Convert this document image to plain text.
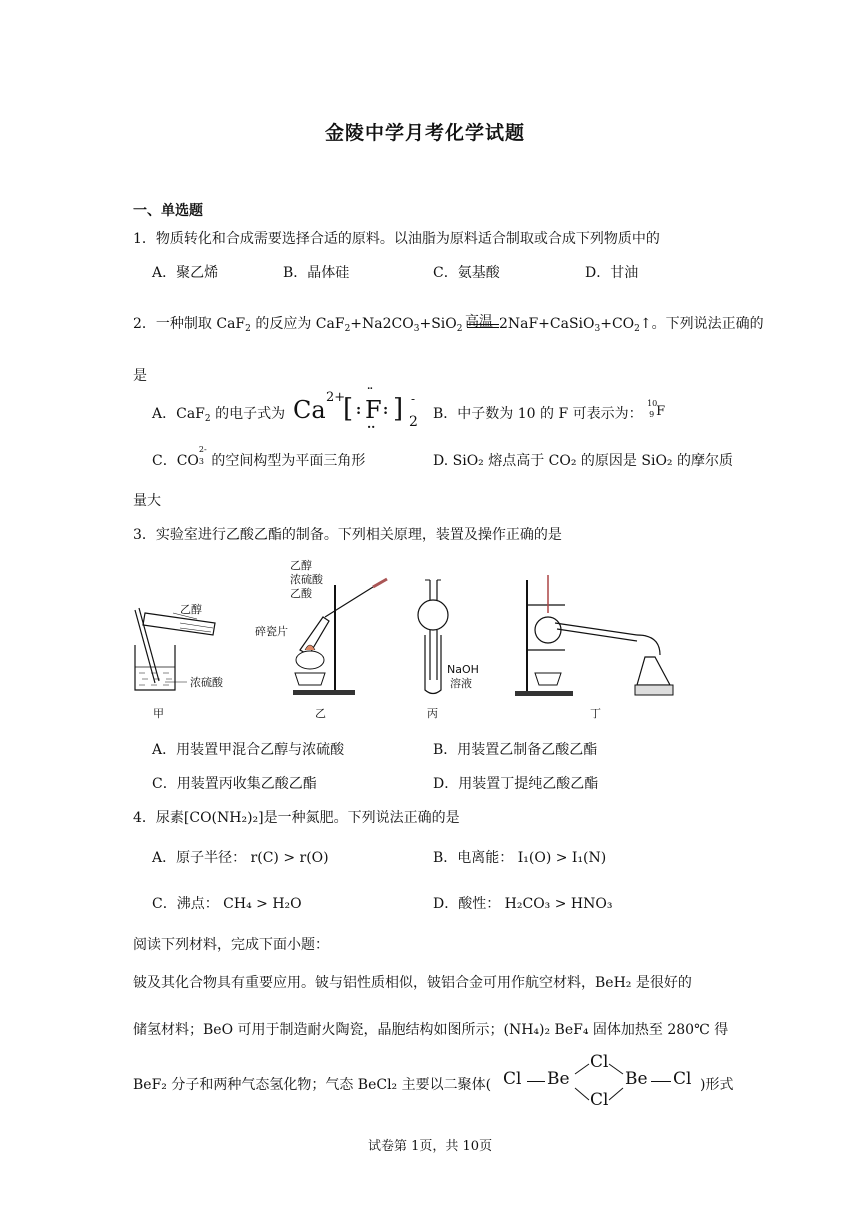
金陵中学月考化学试题
一、单选题
1．物质转化和合成需要选择合适的原料。以油脂为原料适合制取或合成下列物质中的
A．聚乙烯	B．晶体硅	C．氨基酸	D．甘油
2．一种制取 CaF$_2$ 的反应为 $CaF_2+Na2CO_3+SiO_2$ 高温 $2NaF+CaSiO_3+CO_2↑$。下列说法正确的
是
A．CaF$_2$ 的电子式为 Ca 2+
[ :
¨
F
··
: ] -
2 B．中子数为 10 的 F 可表示为：
10
9 F
C．CO
2-
3 的空间构型为平面三角形	D. SiO₂ 熔点高于 CO₂ 的原因是 SiO₂ 的摩尔质
量大
3．实验室进行乙酸乙酯的制备。下列相关原理，装置及操作正确的是
乙醇
浓硫酸
甲
乙醇
浓硫酸
乙酸
碎瓷片
乙
NaOH
溶液
丙	丁
A．用装置甲混合乙醇与浓硫酸	B．用装置乙制备乙酸乙酯
C．用装置丙收集乙酸乙酯	D．用装置丁提纯乙酸乙酯
4．尿素[CO(NH₂)₂]是一种氮肥。下列说法正确的是
A．原子半径： r(C) > r(O)	B．电离能： I₁(O) > I₁(N)
C．沸点： CH₄ > H₂O	D．酸性： H₂CO₃ > HNO₃
阅读下列材料，完成下面小题：
铍及其化合物具有重要应用。铍与铝性质相似，铍铝合金可用作航空材料，BeH₂ 是很好的
储氢材料；BeO 可用于制造耐火陶瓷，晶胞结构如图所示；(NH₄)₂ BeF₄ 固体加热至 280℃ 得
BeF₂ 分子和两种气态氢化物；气态 BeCl₂ 主要以二聚体( Cl Be
Cl
Cl
Be Cl )形式
试卷第 1页，共 10页
